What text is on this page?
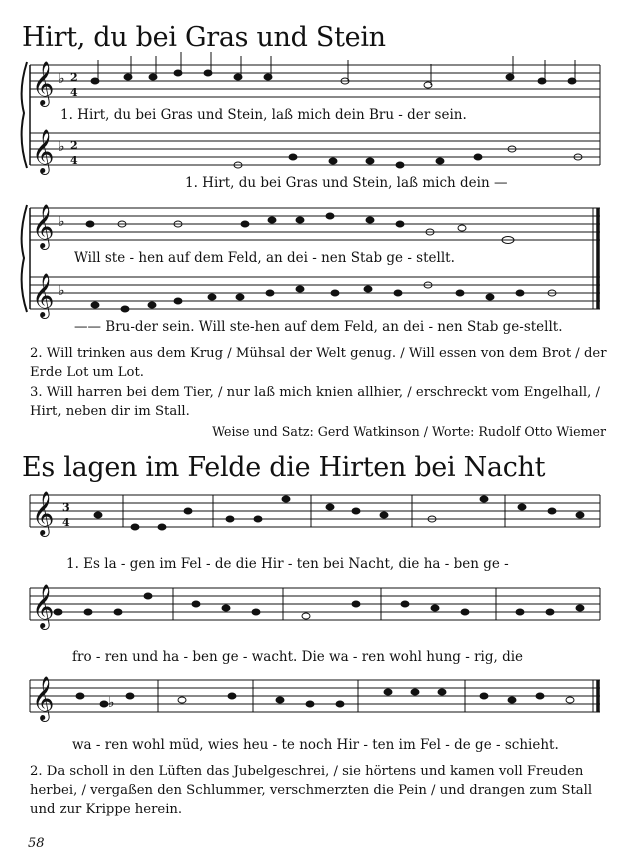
Hirt, du bei Gras und Stein
𝄞
𝄞
𝄞
𝄞
𝄞
𝄞
𝄞
♭
♭
♭
♭
2
4
2
4
3
4
♭
1. Hirt, du bei Gras und Stein, laß mich dein Bru - der sein.
1. Hirt, du bei Gras und Stein, laß mich dein —
Will ste - hen auf dem Feld, an dei - nen Stab ge - stellt.
—— Bru-der sein. Will ste-hen auf dem Feld, an dei - nen Stab ge-stellt.
2. Will trinken aus dem Krug / Mühsal der Welt genug. / Will essen von dem Brot / der Erde Lot um Lot.
3. Will harren bei dem Tier, / nur laß mich knien allhier, / erschreckt vom Engelhall, / Hirt, neben dir im Stall.
Weise und Satz: Gerd Watkinson / Worte: Rudolf Otto Wiemer
Es lagen im Felde die Hirten bei Nacht
1. Es la - gen im Fel - de die Hir - ten bei Nacht, die ha - ben ge -
fro - ren und ha - ben ge - wacht. Die wa - ren wohl hung - rig, die
wa - ren wohl müd, wies heu - te noch Hir - ten im Fel - de ge - schieht.
2. Da scholl in den Lüften das Jubelgeschrei, / sie hörtens und kamen voll Freuden herbei, / vergaßen den Schlummer, verschmerzten die Pein / und drangen zum Stall und zur Krippe herein.
58
